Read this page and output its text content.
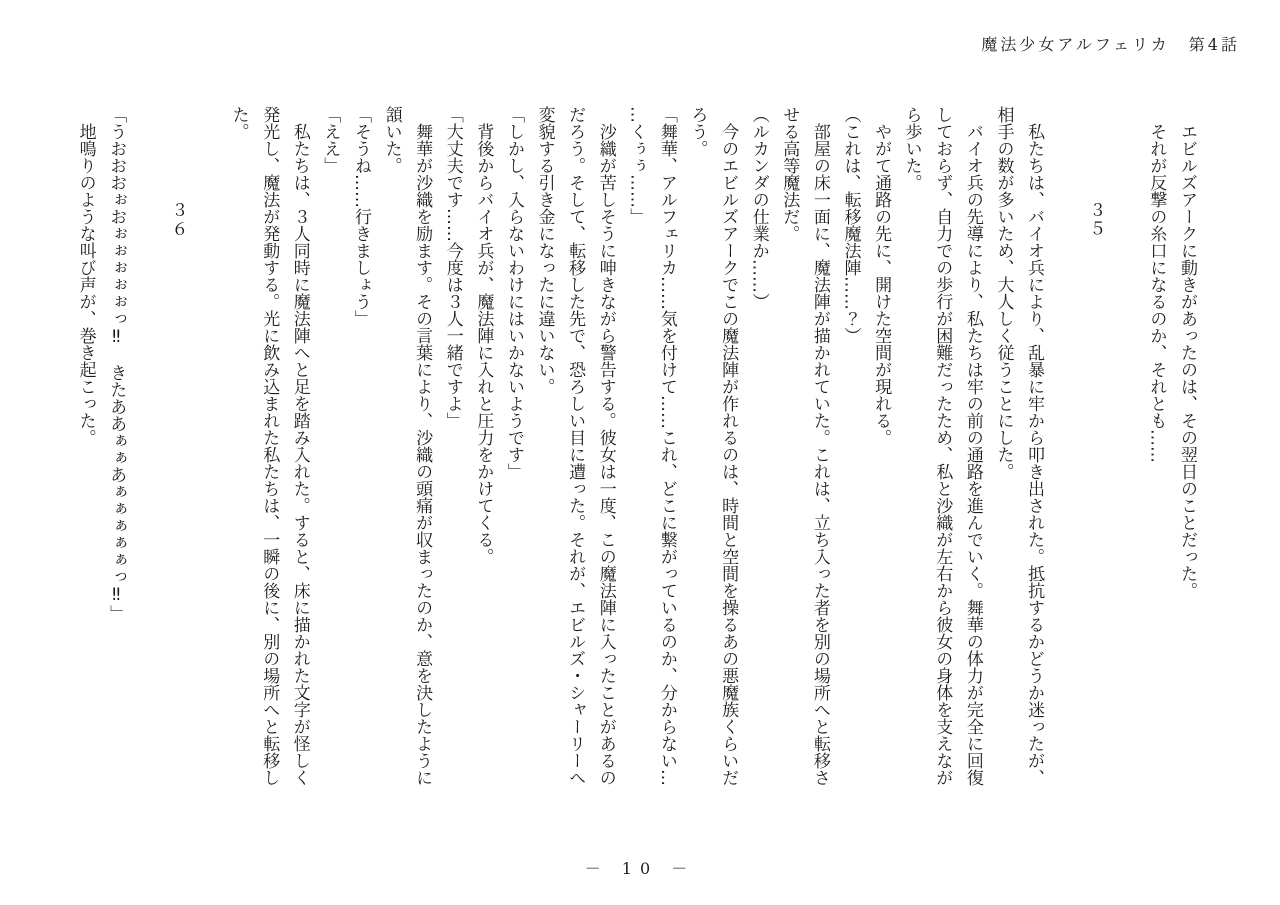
魔法少女アルフェリカ　第4話

　エビルズアークに動きがあったのは、その翌日のことだった。

　それが反撃の糸口になるのか、それとも……

　　　　　３５

　私たちは、バイオ兵により、乱暴に牢から叩き出された。抵抗するかどうか迷ったが、

相手の数が多いため、大人しく従うことにした。

　バイオ兵の先導により、私たちは牢の前の通路を進んでいく。舞華の体力が完全に回復

しておらず、自力での歩行が困難だったため、私と沙織が左右から彼女の身体を支えなが

ら歩いた。

　やがて通路の先に、開けた空間が現れる。

（これは、転移魔法陣……？）

　部屋の床一面に、魔法陣が描かれていた。これは、立ち入った者を別の場所へと転移さ

せる高等魔法だ。

（ルカンダの仕業か……）

　今のエビルズアークでこの魔法陣が作れるのは、時間と空間を操るあの悪魔族くらいだ

ろう。

「舞華、アルフェリカ……気を付けて……これ、どこに繋がっているのか、分からない…

…くぅぅ……」

　沙織が苦しそうに呻きながら警告する。彼女は一度、この魔法陣に入ったことがあるの

だろう。そして、転移した先で、恐ろしい目に遭った。それが、エビルズ・シャーリーへ

変貌する引き金になったに違いない。

「しかし、入らないわけにはいかないようです」

　背後からバイオ兵が、魔法陣に入れと圧力をかけてくる。

「大丈夫です……今度は３人一緒ですよ」

　舞華が沙織を励ます。その言葉により、沙織の頭痛が収まったのか、意を決したように

頷いた。

「そうね……行きましょう」

「ええ」

　私たちは、３人同時に魔法陣へと足を踏み入れた。すると、床に描かれた文字が怪しく

発光し、魔法が発動する。光に飲み込まれた私たちは、一瞬の後に、別の場所へと転移し

た。

　　　　　３６

「うおおおぉおぉぉぉぉぉっ‼　きたああぁぁあぁぁぁぁぁっ‼」

　地鳴りのような叫び声が、巻き起こった。

－ 10 －
